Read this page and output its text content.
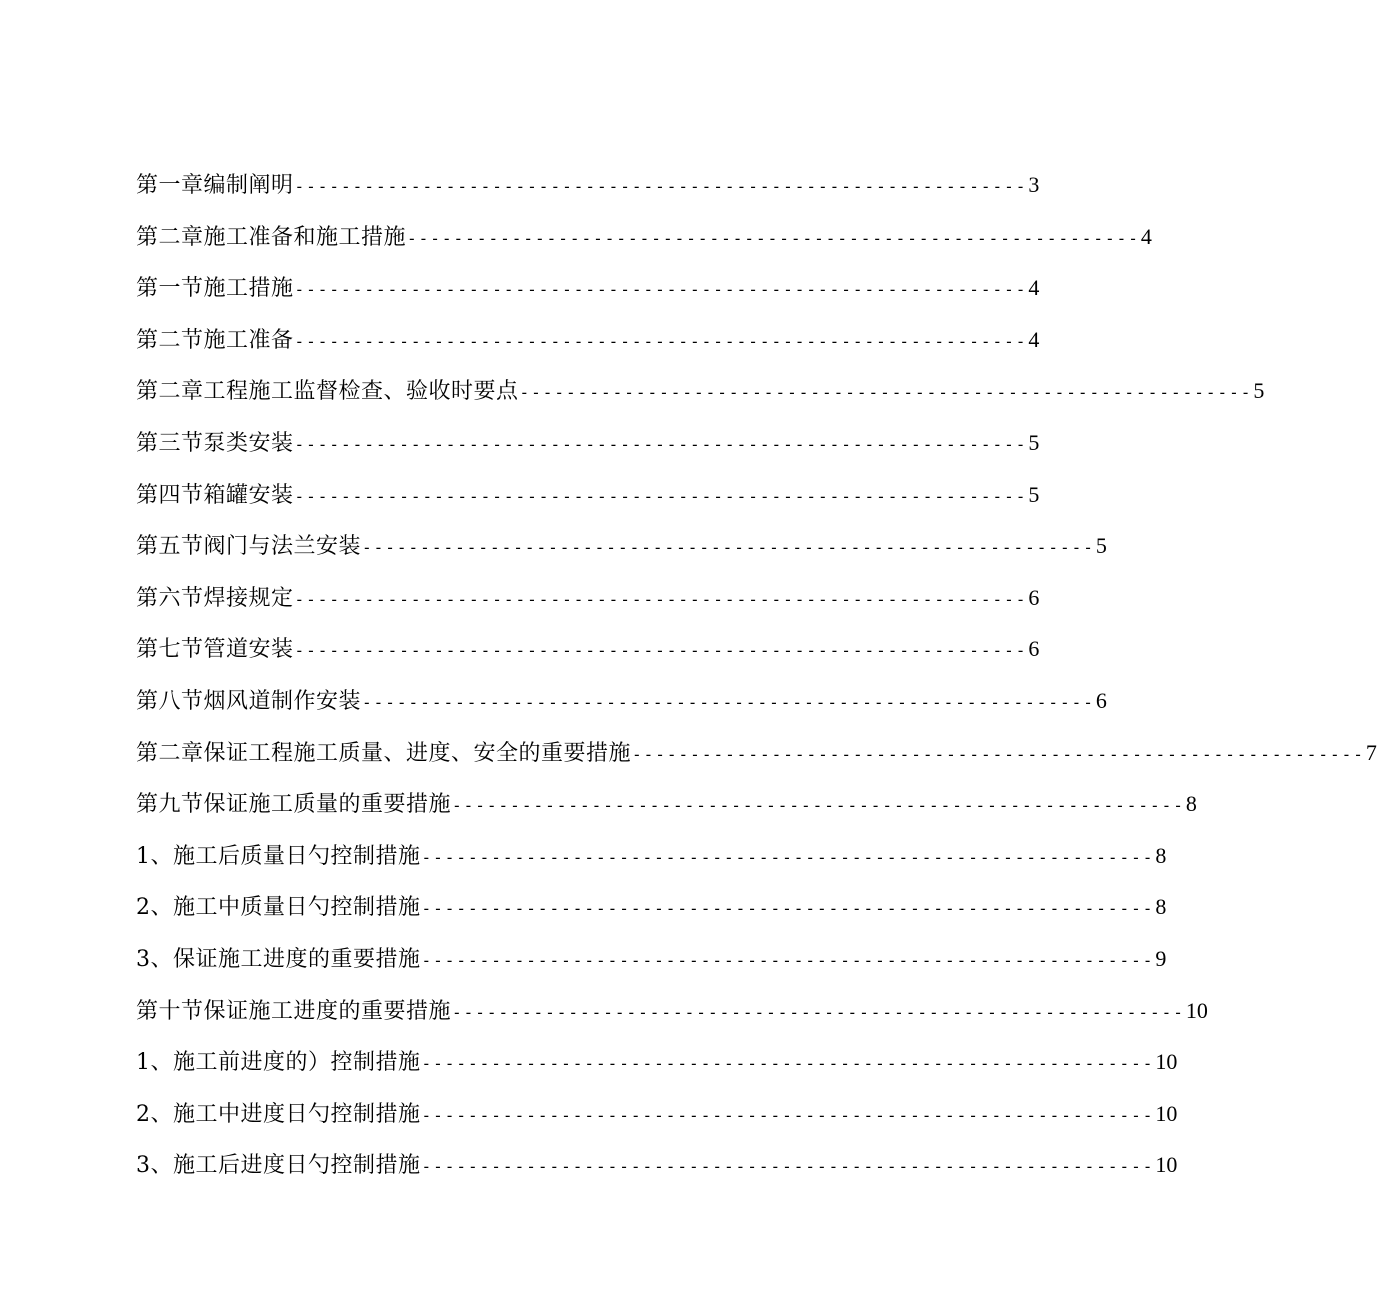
第一章编制阐明 --------------------------------------------------------------- 3
第二章施工准备和施工措施 --------------------------------------------------------------- 4
第一节施工措施 --------------------------------------------------------------- 4
第二节施工准备 --------------------------------------------------------------- 4
第二章工程施工监督检查、验收时要点 --------------------------------------------------------------- 5
第三节泵类安装 --------------------------------------------------------------- 5
第四节箱罐安装 --------------------------------------------------------------- 5
第五节阀门与法兰安装 --------------------------------------------------------------- 5
第六节焊接规定 --------------------------------------------------------------- 6
第七节管道安装 --------------------------------------------------------------- 6
第八节烟风道制作安装 --------------------------------------------------------------- 6
第二章保证工程施工质量、进度、安全的重要措施 --------------------------------------------------------------- 7
第九节保证施工质量的重要措施 --------------------------------------------------------------- 8
1、施工后质量日勺控制措施 --------------------------------------------------------------- 8
2、施工中质量日勺控制措施 --------------------------------------------------------------- 8
3、保证施工进度的重要措施 --------------------------------------------------------------- 9
第十节保证施工进度的重要措施 --------------------------------------------------------------- 10
1、施工前进度的）控制措施 --------------------------------------------------------------- 10
2、施工中进度日勺控制措施 --------------------------------------------------------------- 10
3、施工后进度日勺控制措施 --------------------------------------------------------------- 10
